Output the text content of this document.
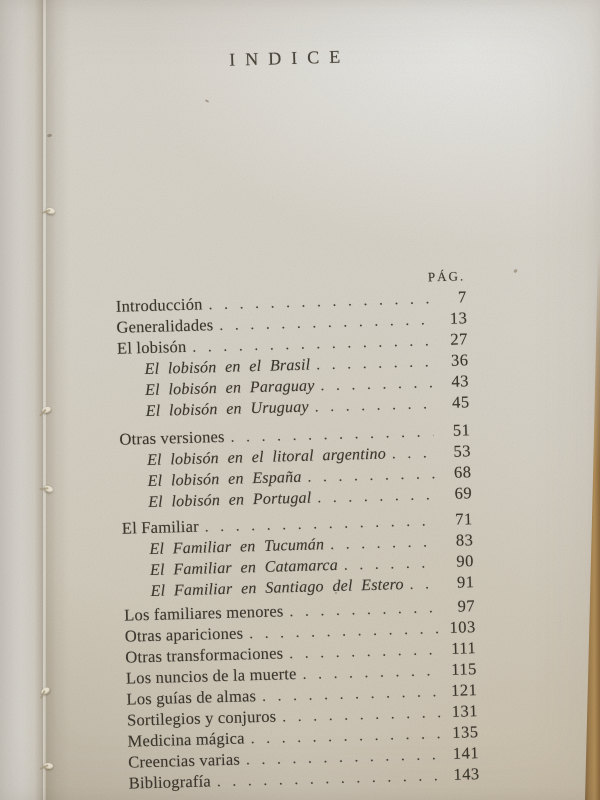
INDICE
PÁG.
Introducción . . .	7
Generalidades . . .	13
El lobisón . . .	27
El lobisón en el Brasil . . .	36
El lobisón en Paraguay . . .	43
El lobisón en Uruguay . . .	45
Otras versiones . . .	51
El lobisón en el litoral argentino . . .	53
El lobisón en España . . .	68
El lobisón en Portugal . . .	69
El Familiar . . .	71
El Familiar en Tucumán . . .	83
El Familiar en Catamarca . . .	90
El Familiar en Santiago del Estero . . .	91
Los familiares menores . . .	97
Otras apariciones . . .	103
Otras transformaciones . . .	111
Los nuncios de la muerte . . .	115
Los guías de almas . . .	121
Sortilegios y conjuros . . .	131
Medicina mágica . . .	135
Creencias varias . . .	141
Bibliografía . . .	143
